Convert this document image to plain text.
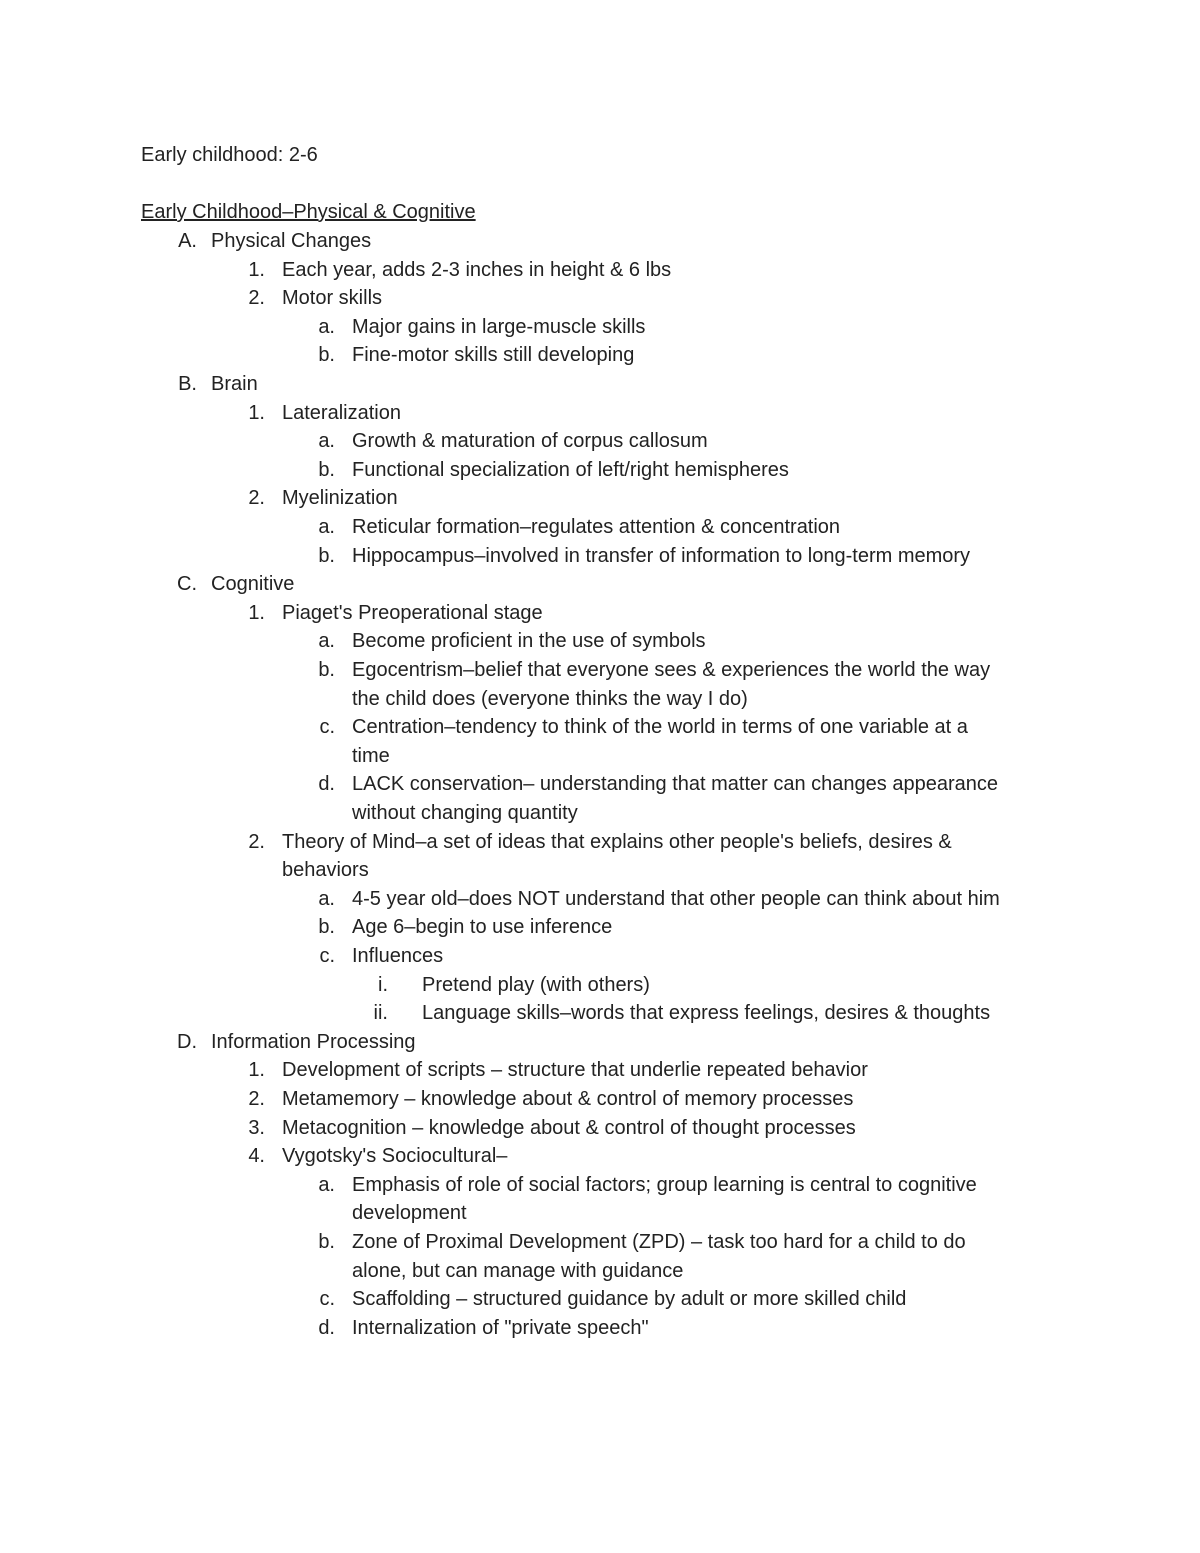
Early childhood: 2-6
Early Childhood–Physical & Cognitive
A. Physical Changes
1. Each year, adds 2-3 inches in height & 6 lbs
2. Motor skills
a. Major gains in large-muscle skills
b. Fine-motor skills still developing
B. Brain
1. Lateralization
a. Growth & maturation of corpus callosum
b. Functional specialization of left/right hemispheres
2. Myelinization
a. Reticular formation–regulates attention & concentration
b. Hippocampus–involved in transfer of information to long-term memory
C. Cognitive
1. Piaget's Preoperational stage
a. Become proficient in the use of symbols
b. Egocentrism–belief that everyone sees & experiences the world the way
the child does (everyone thinks the way I do)
c. Centration–tendency to think of the world in terms of one variable at a
time
d. LACK conservation– understanding that matter can changes appearance
without changing quantity
2. Theory of Mind–a set of ideas that explains other people's beliefs, desires &
behaviors
a. 4-5 year old–does NOT understand that other people can think about him
b. Age 6–begin to use inference
c. Influences
i. Pretend play (with others)
ii. Language skills–words that express feelings, desires & thoughts
D. Information Processing
1. Development of scripts – structure that underlie repeated behavior
2. Metamemory – knowledge about & control of memory processes
3. Metacognition – knowledge about & control of thought processes
4. Vygotsky's Sociocultural–
a. Emphasis of role of social factors; group learning is central to cognitive
development
b. Zone of Proximal Development (ZPD) – task too hard for a child to do
alone, but can manage with guidance
c. Scaffolding – structured guidance by adult or more skilled child
d. Internalization of "private speech"
